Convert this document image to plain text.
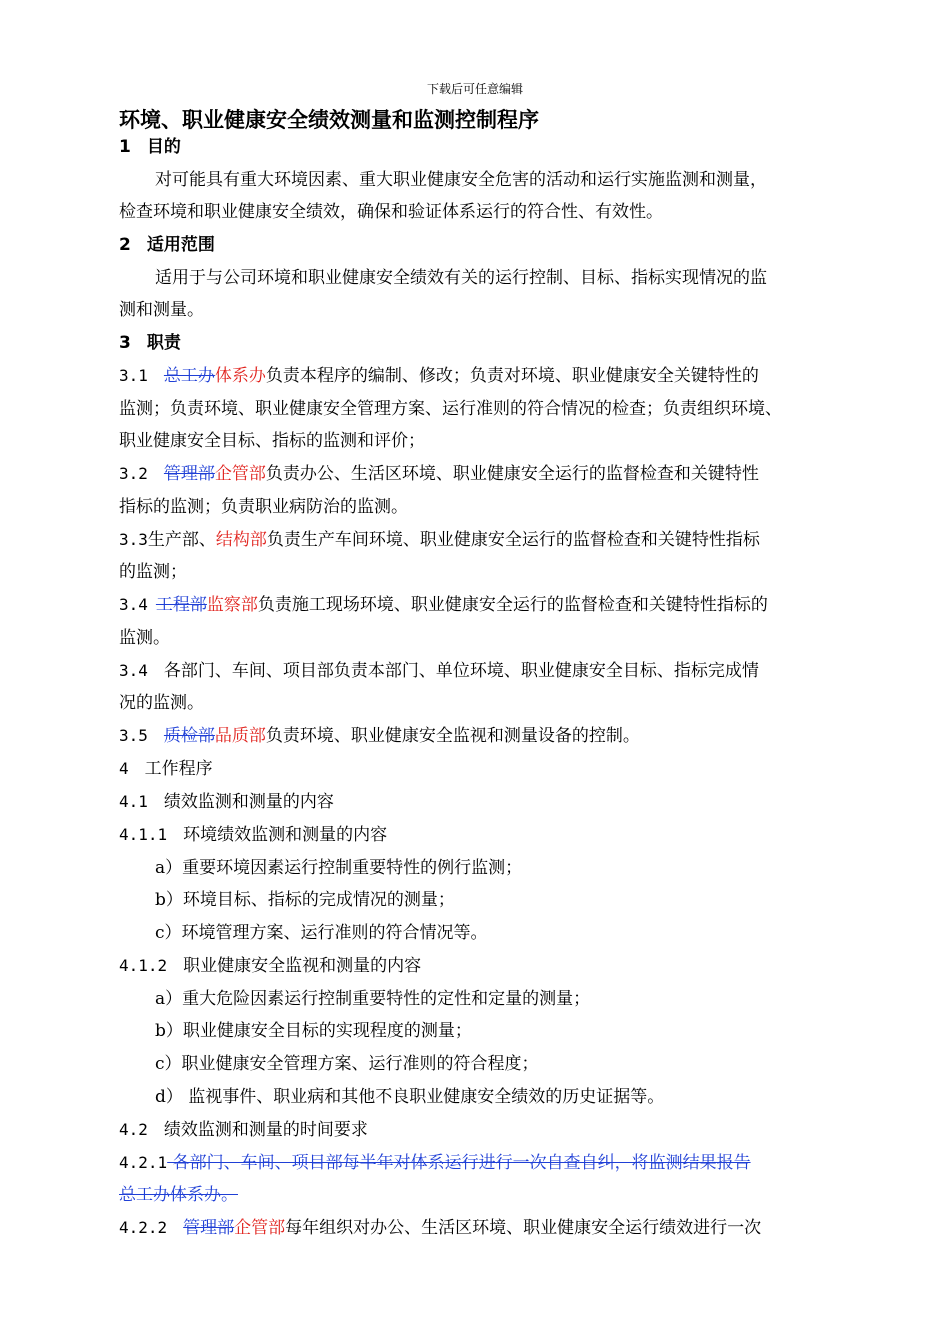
下载后可任意编辑
环境、职业健康安全绩效测量和监测控制程序
1 目的
对可能具有重大环境因素、重大职业健康安全危害的活动和运行实施监测和测量，
检查环境和职业健康安全绩效，确保和验证体系运行的符合性、有效性。
2 适用范围
适用于与公司环境和职业健康安全绩效有关的运行控制、目标、指标实现情况的监
测和测量。
3 职责
3.1 总工办体系办负责本程序的编制、修改；负责对环境、职业健康安全关键特性的
监测；负责环境、职业健康安全管理方案、运行准则的符合情况的检查；负责组织环境、
职业健康安全目标、指标的监测和评价；
3.2 管理部企管部负责办公、生活区环境、职业健康安全运行的监督检查和关键特性
指标的监测；负责职业病防治的监测。
3.3生产部、结构部负责生产车间环境、职业健康安全运行的监督检查和关键特性指标
的监测；
3.4 工程部监察部负责施工现场环境、职业健康安全运行的监督检查和关键特性指标的
监测。
3.4 各部门、车间、项目部负责本部门、单位环境、职业健康安全目标、指标完成情
况的监测。
3.5 质检部品质部负责环境、职业健康安全监视和测量设备的控制。
4 工作程序
4.1 绩效监测和测量的内容
4.1.1 环境绩效监测和测量的内容
a）重要环境因素运行控制重要特性的例行监测；
b）环境目标、指标的完成情况的测量；
c）环境管理方案、运行准则的符合情况等。
4.1.2 职业健康安全监视和测量的内容
a）重大危险因素运行控制重要特性的定性和定量的测量；
b）职业健康安全目标的实现程度的测量；
c）职业健康安全管理方案、运行准则的符合程度；
d） 监视事件、职业病和其他不良职业健康安全绩效的历史证据等。
4.2 绩效监测和测量的时间要求
4.2.1 各部门、车间、项目部每半年对体系运行进行一次自查自纠，将监测结果报告
总工办体系办。
4.2.2 管理部企管部每年组织对办公、生活区环境、职业健康安全运行绩效进行一次
